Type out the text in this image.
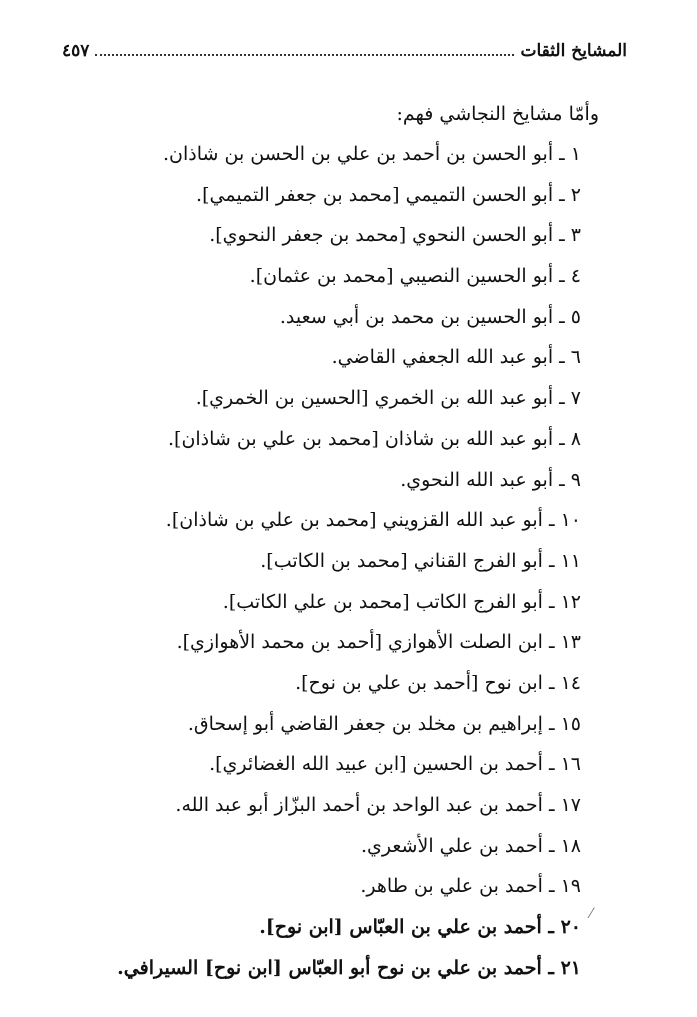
المشايخ الثقات
٤٥٧
وأمّا مشايخ النجاشي فهم:
١ ـ أبو الحسن بن أحمد بن علي بن الحسن بن شاذان.
٢ ـ أبو الحسن التميمي [محمد بن جعفر التميمي].
٣ ـ أبو الحسن النحوي [محمد بن جعفر النحوي].
٤ ـ أبو الحسين النصيبي [محمد بن عثمان].
٥ ـ أبو الحسين بن محمد بن أبي سعيد.
٦ ـ أبو عبد الله الجعفي القاضي.
٧ ـ أبو عبد الله بن الخمري [الحسين بن الخمري].
٨ ـ أبو عبد الله بن شاذان [محمد بن علي بن شاذان].
٩ ـ أبو عبد الله النحوي.
١٠ ـ أبو عبد الله القزويني [محمد بن علي بن شاذان].
١١ ـ أبو الفرج القناني [محمد بن الكاتب].
١٢ ـ أبو الفرج الكاتب [محمد بن علي الكاتب].
١٣ ـ ابن الصلت الأهوازي [أحمد بن محمد الأهوازي].
١٤ ـ ابن نوح [أحمد بن علي بن نوح].
١٥ ـ إبراهيم بن مخلد بن جعفر القاضي أبو إسحاق.
١٦ ـ أحمد بن الحسين [ابن عبيد الله الغضائري].
١٧ ـ أحمد بن عبد الواحد بن أحمد البزّاز أبو عبد الله.
١٨ ـ أحمد بن علي الأشعري.
١٩ ـ أحمد بن علي بن طاهر.
٢٠ ـ أحمد بن علي بن العبّاس [ابن نوح].
٢١ ـ أحمد بن علي بن نوح أبو العبّاس [ابن نوح] السيرافي.
⁄
